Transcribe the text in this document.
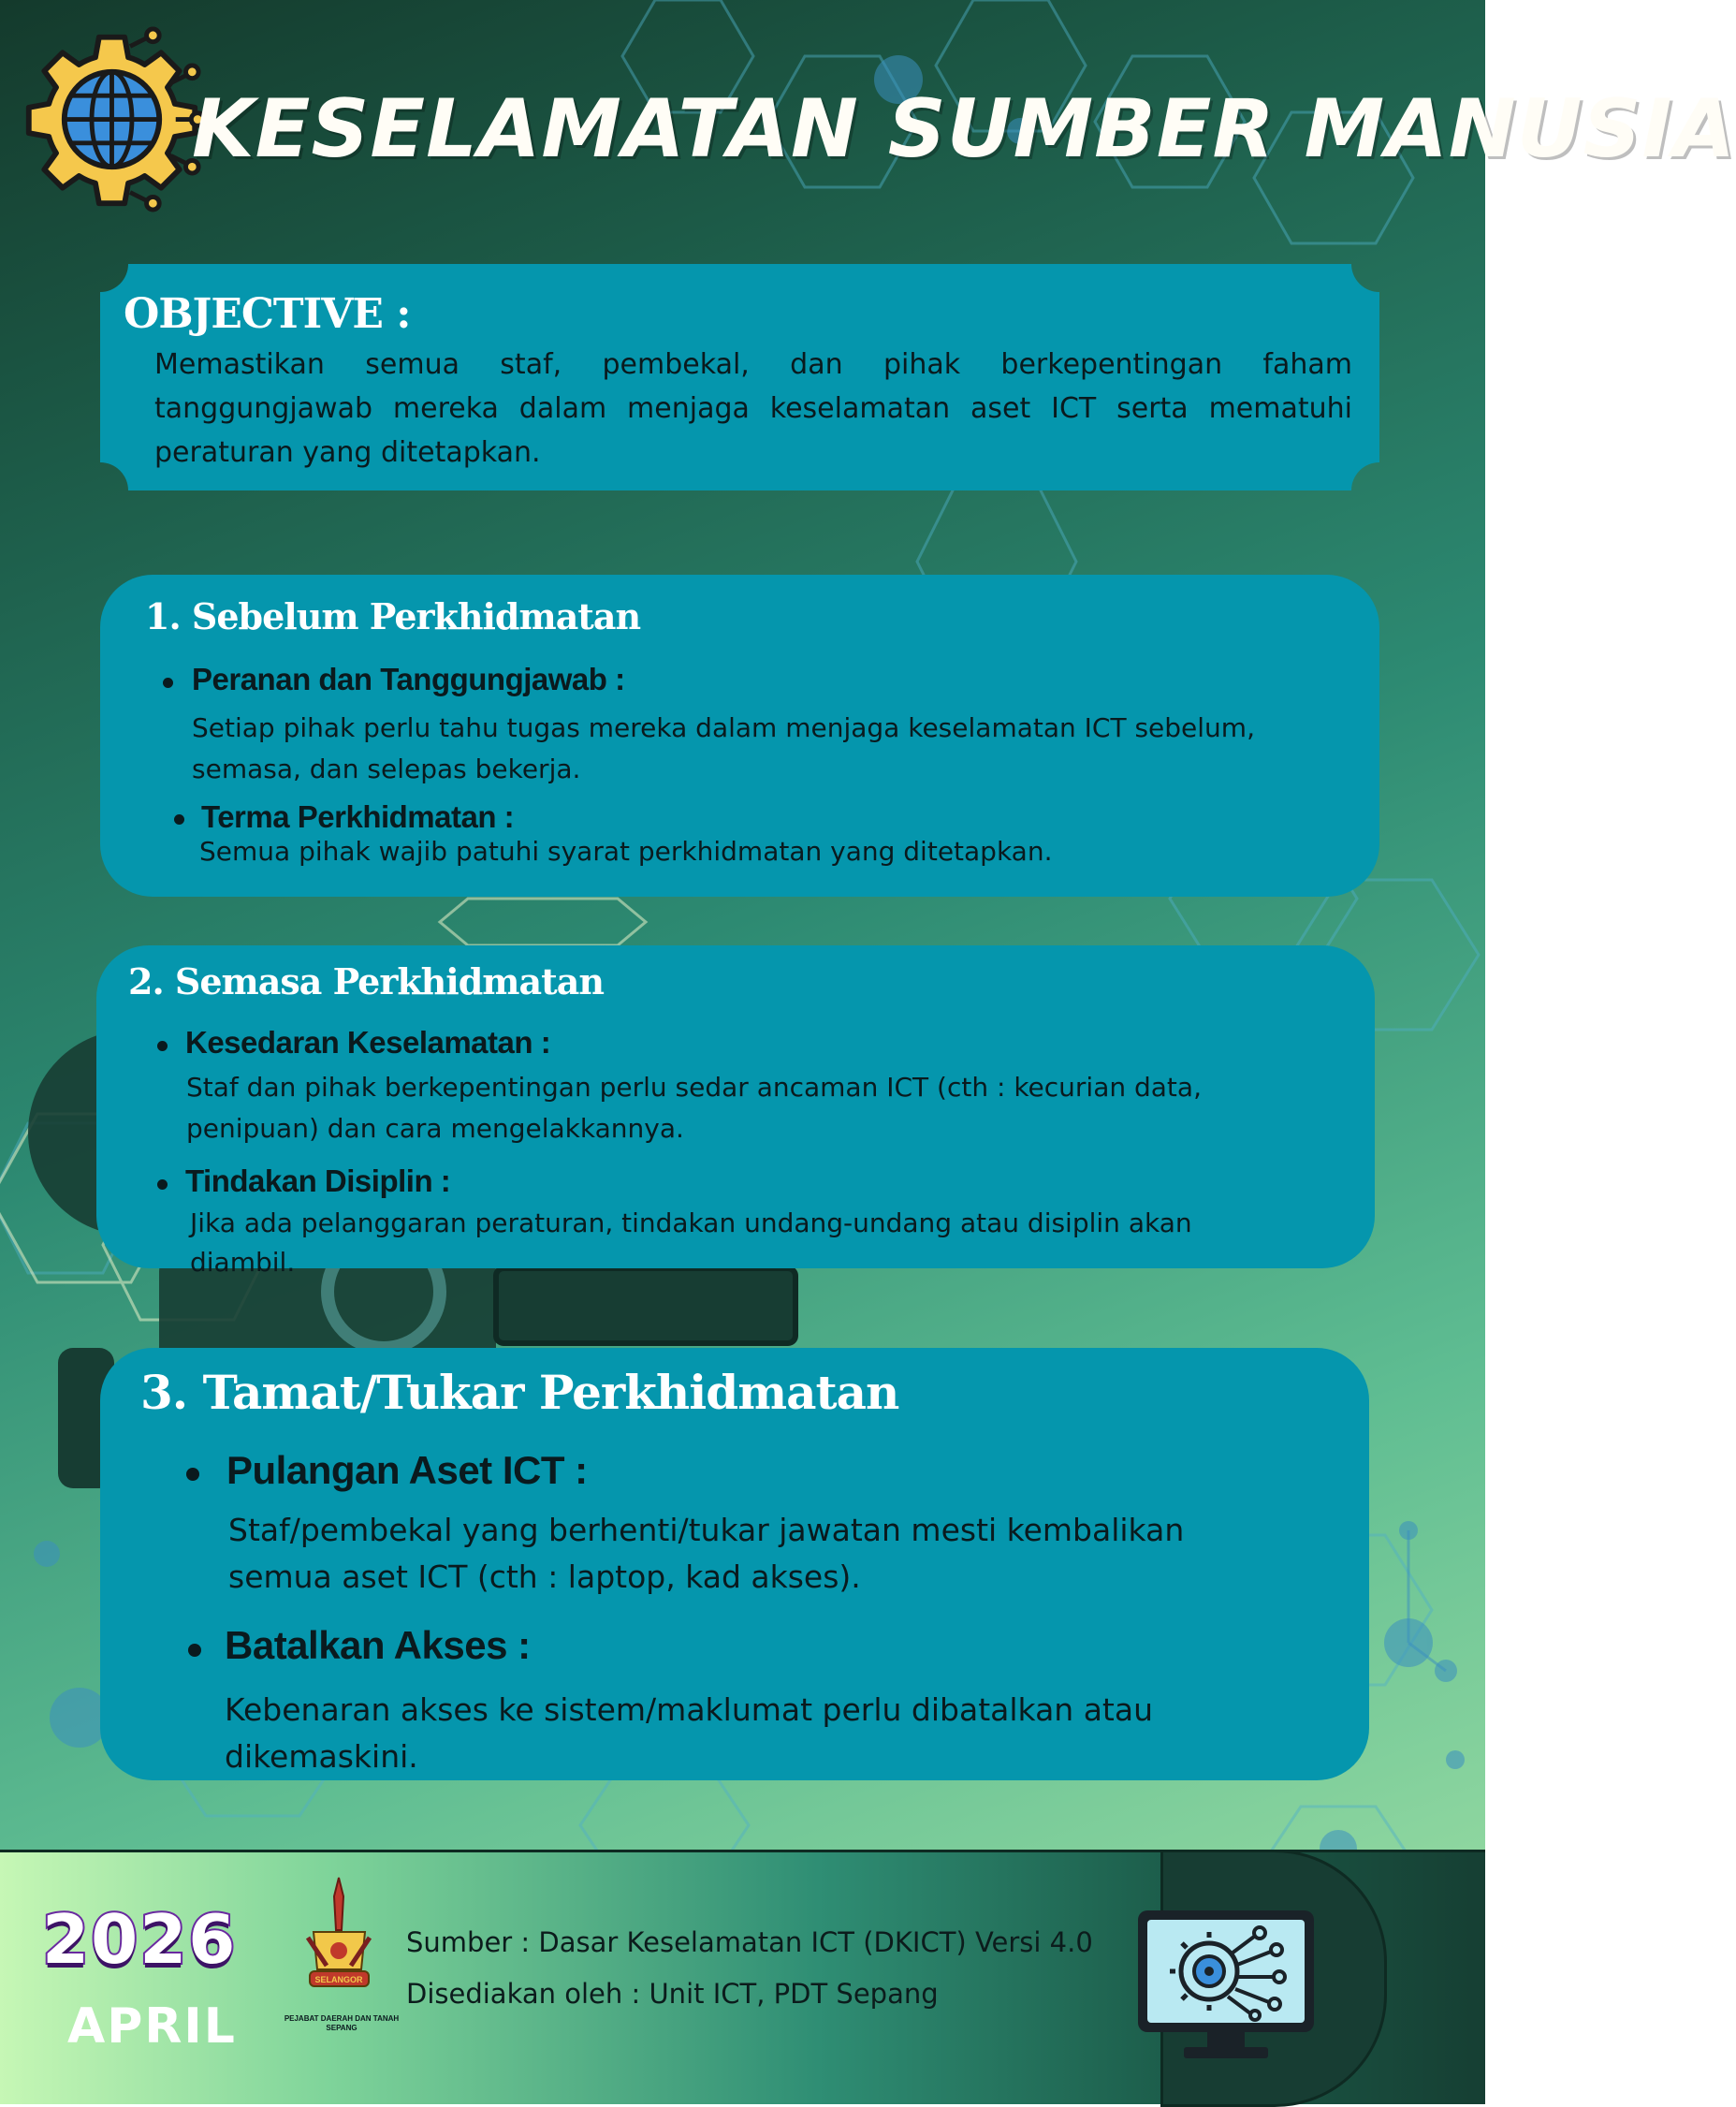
KESELAMATAN SUMBER MANUSIA
OBJECTIVE :
Memastikan semua staf, pembekal, dan pihak berkepentingan faham tanggungjawab mereka dalam menjaga keselamatan aset ICT serta mematuhi peraturan yang ditetapkan.
1. Sebelum Perkhidmatan
Peranan dan Tanggungjawab :
Setiap pihak perlu tahu tugas mereka dalam menjaga keselamatan ICT sebelum,
semasa, dan selepas bekerja.
Terma Perkhidmatan :
Semua pihak wajib patuhi syarat perkhidmatan yang ditetapkan.
2. Semasa Perkhidmatan
Kesedaran Keselamatan :
Staf dan pihak berkepentingan perlu sedar ancaman ICT (cth : kecurian data,
penipuan) dan cara mengelakkannya.
Tindakan Disiplin :
Jika ada pelanggaran peraturan, tindakan undang-undang atau disiplin akan
diambil.
3. Tamat/Tukar Perkhidmatan
Pulangan Aset ICT :
Staf/pembekal yang berhenti/tukar jawatan mesti kembalikan
semua aset ICT (cth : laptop, kad akses).
Batalkan Akses :
Kebenaran akses ke sistem/maklumat perlu dibatalkan atau
dikemaskini.
2026
APRIL
SELANGOR
PEJABAT DAERAH DAN TANAH SEPANG
Sumber : Dasar Keselamatan ICT (DKICT) Versi 4.0
Disediakan oleh : Unit ICT, PDT Sepang
